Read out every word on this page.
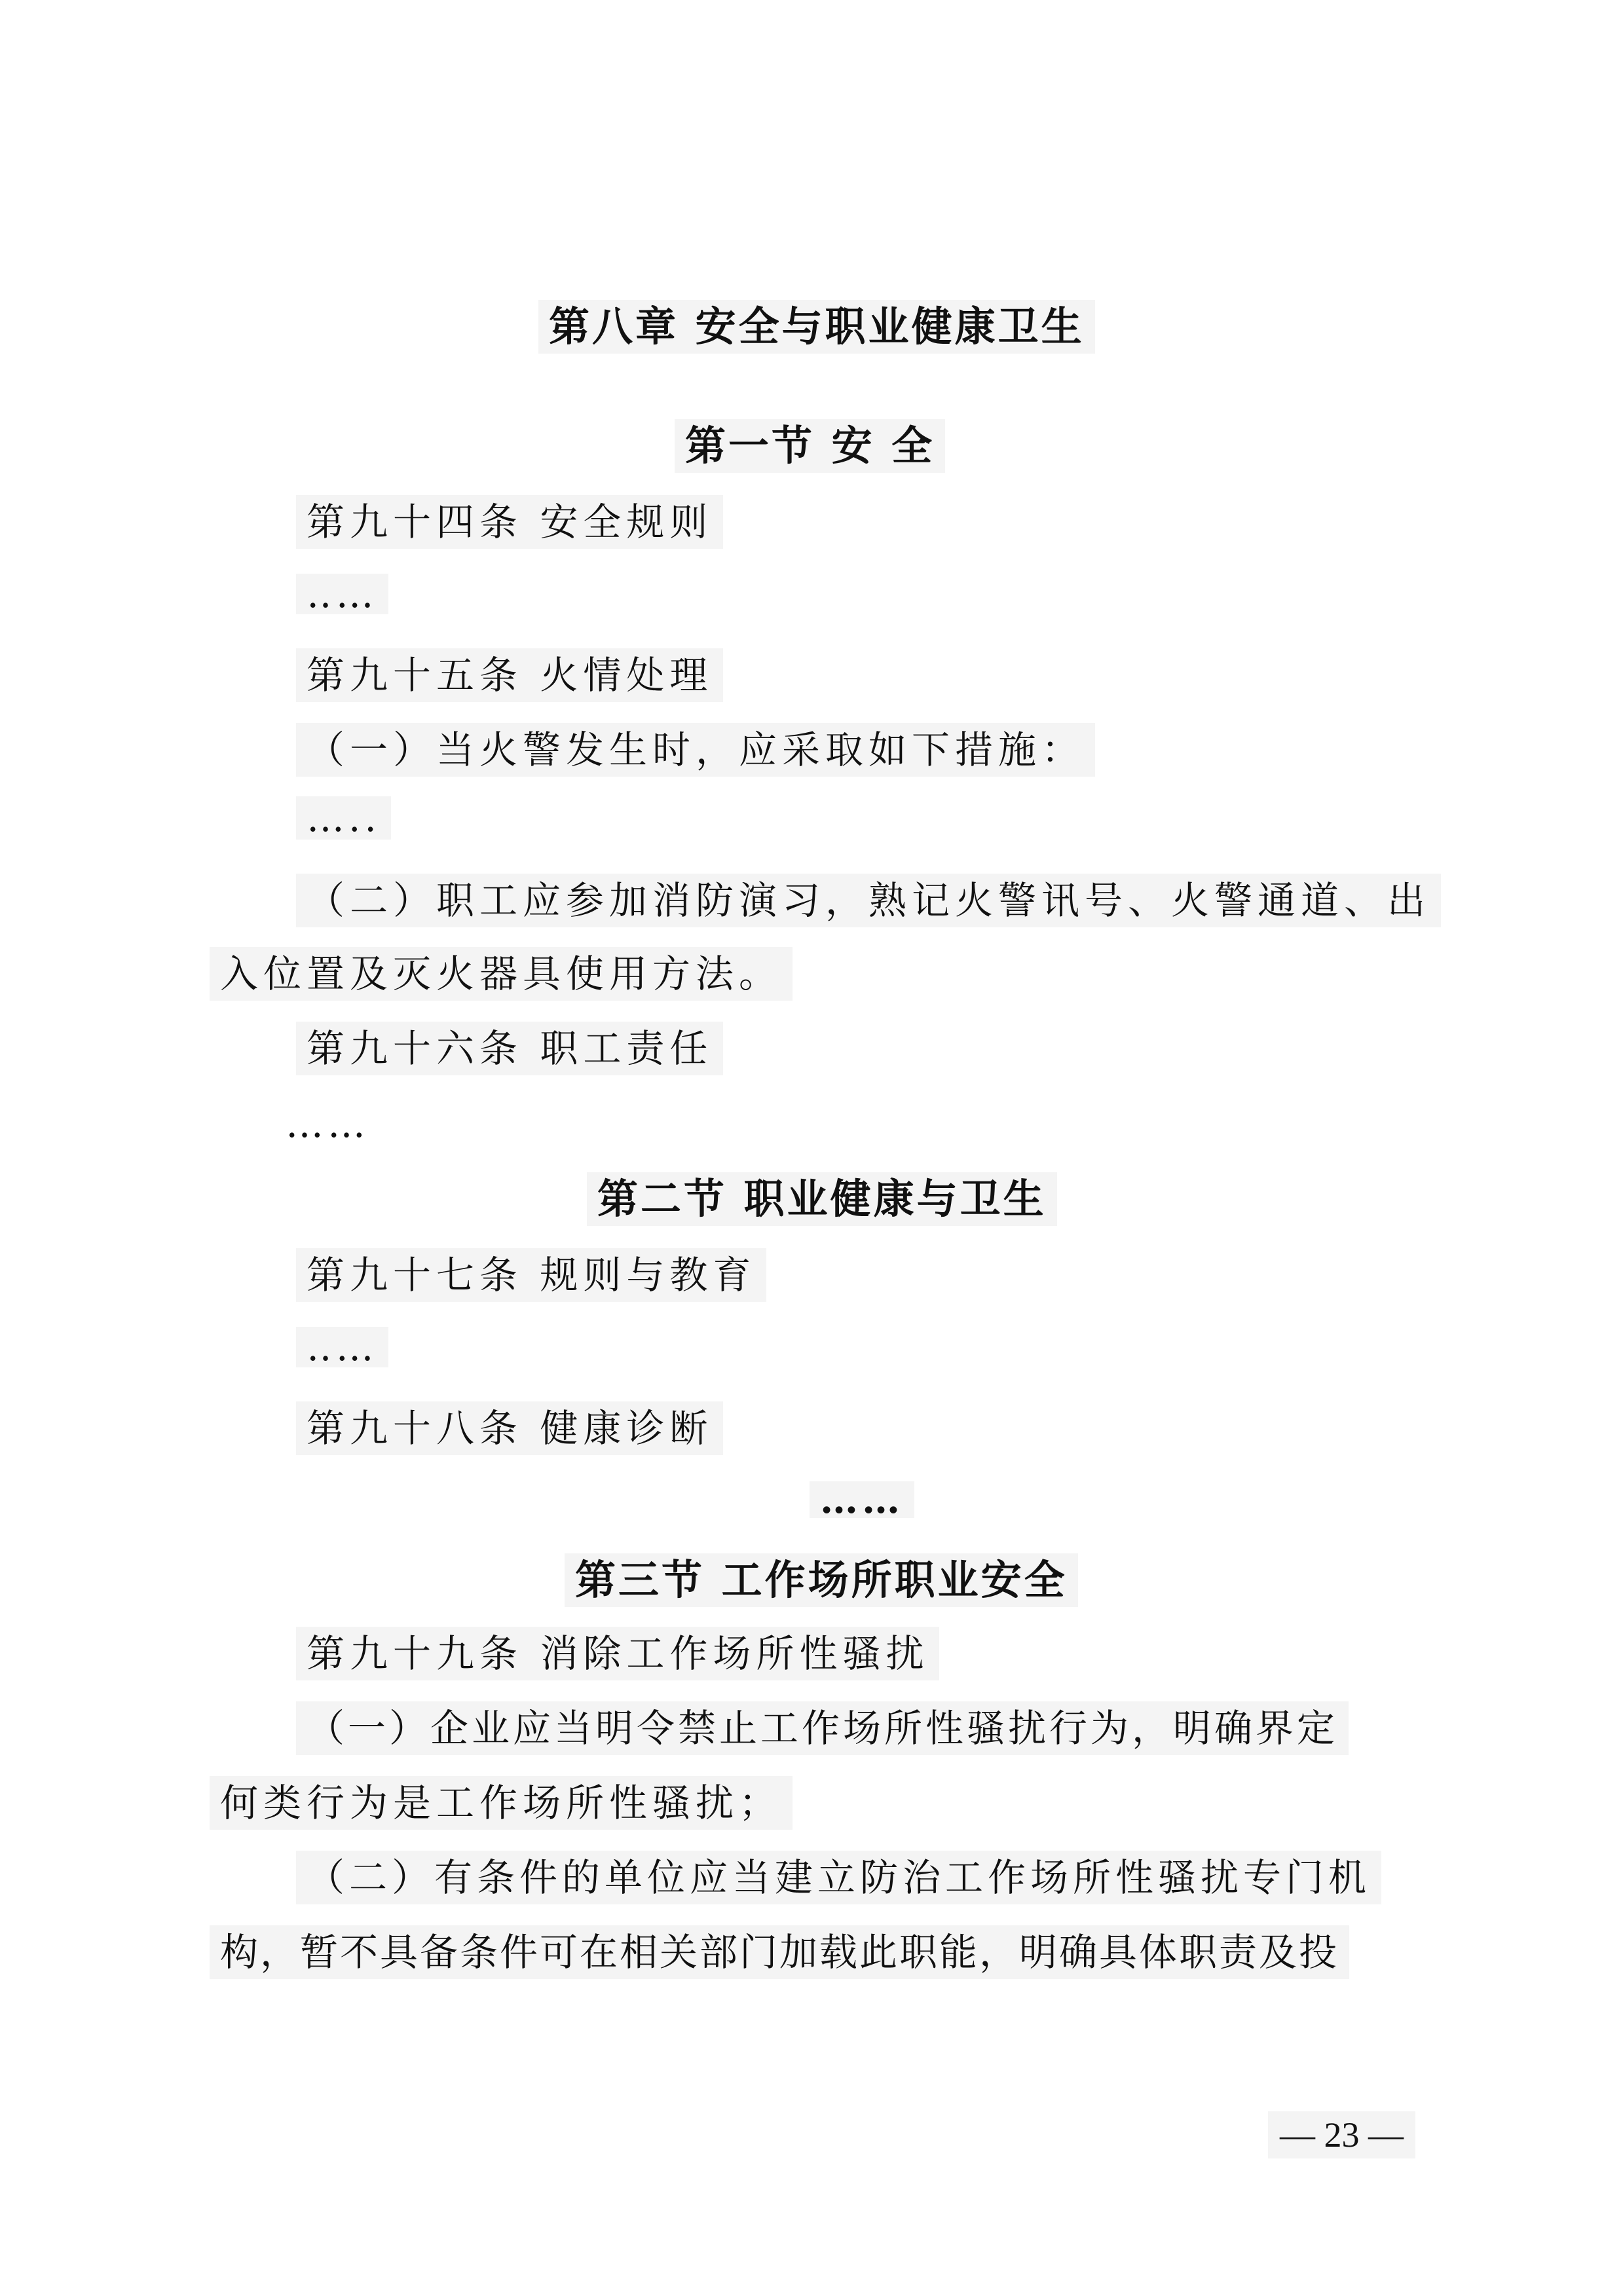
第八章 安全与职业健康卫生
第一节 安 全
第九十四条 安全规则
‥…
第九十五条 火情处理
（一）当火警发生时，应采取如下措施：
…..
（二）职工应参加消防演习，熟记火警讯号、火警通道、出
入位置及灭火器具使用方法。
第九十六条 职工责任
……
第二节 职业健康与卫生
第九十七条 规则与教育
‥…
第九十八条 健康诊断
……
第三节 工作场所职业安全
第九十九条 消除工作场所性骚扰
（一）企业应当明令禁止工作场所性骚扰行为，明确界定
何类行为是工作场所性骚扰；
（二）有条件的单位应当建立防治工作场所性骚扰专门机
构，暂不具备条件可在相关部门加载此职能，明确具体职责及投
— 23 —
